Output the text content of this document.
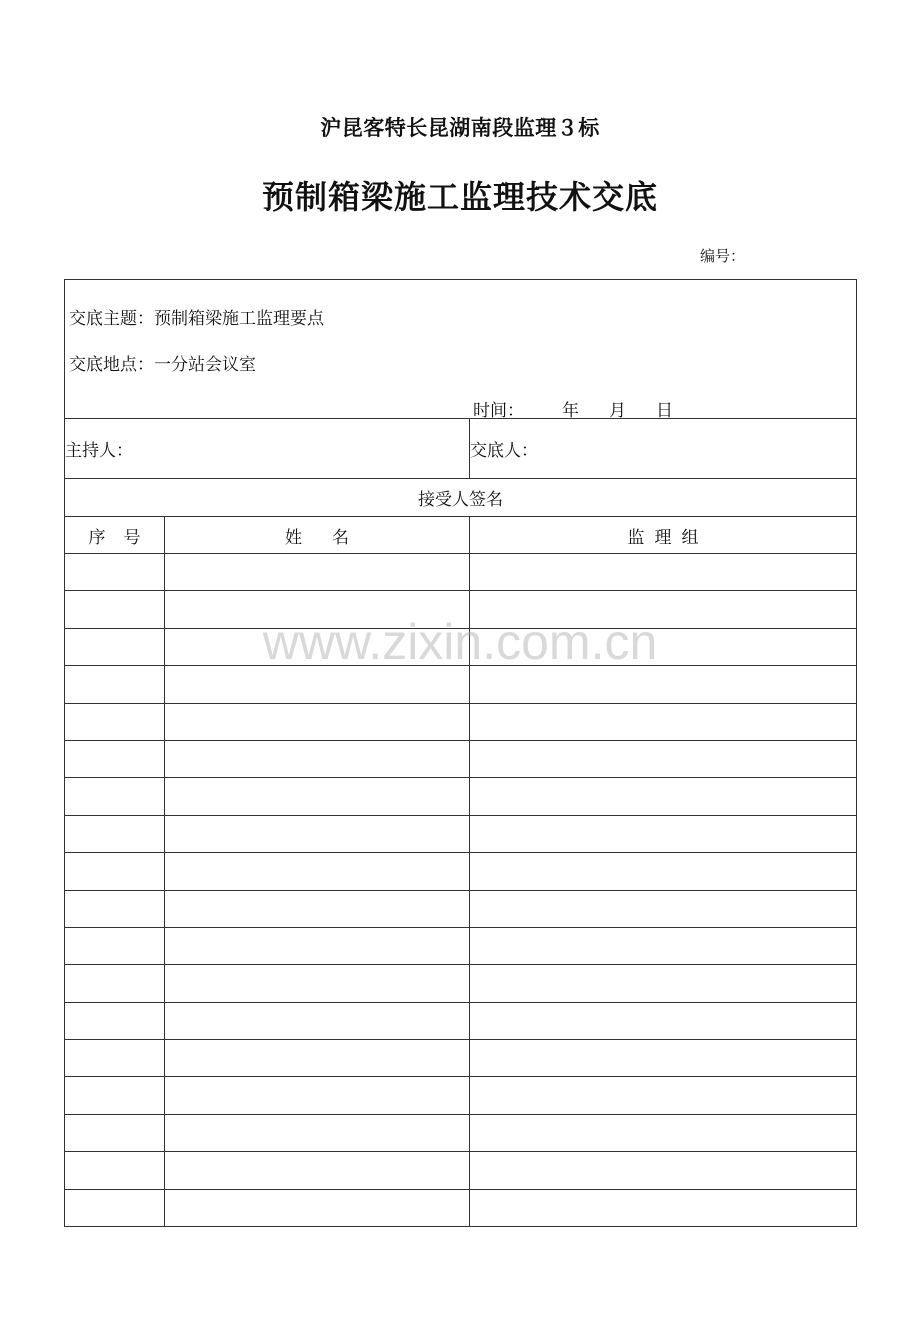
沪昆客特长昆湖南段监理３标
预制箱梁施工监理技术交底
编号：
交底主题：预制箱梁施工监理要点
交底地点：一分站会议室
时间： 年 月 日		

主持人：		交底人：
接受人签名		
序号	姓名	监理组

www.zixin.com.cn
